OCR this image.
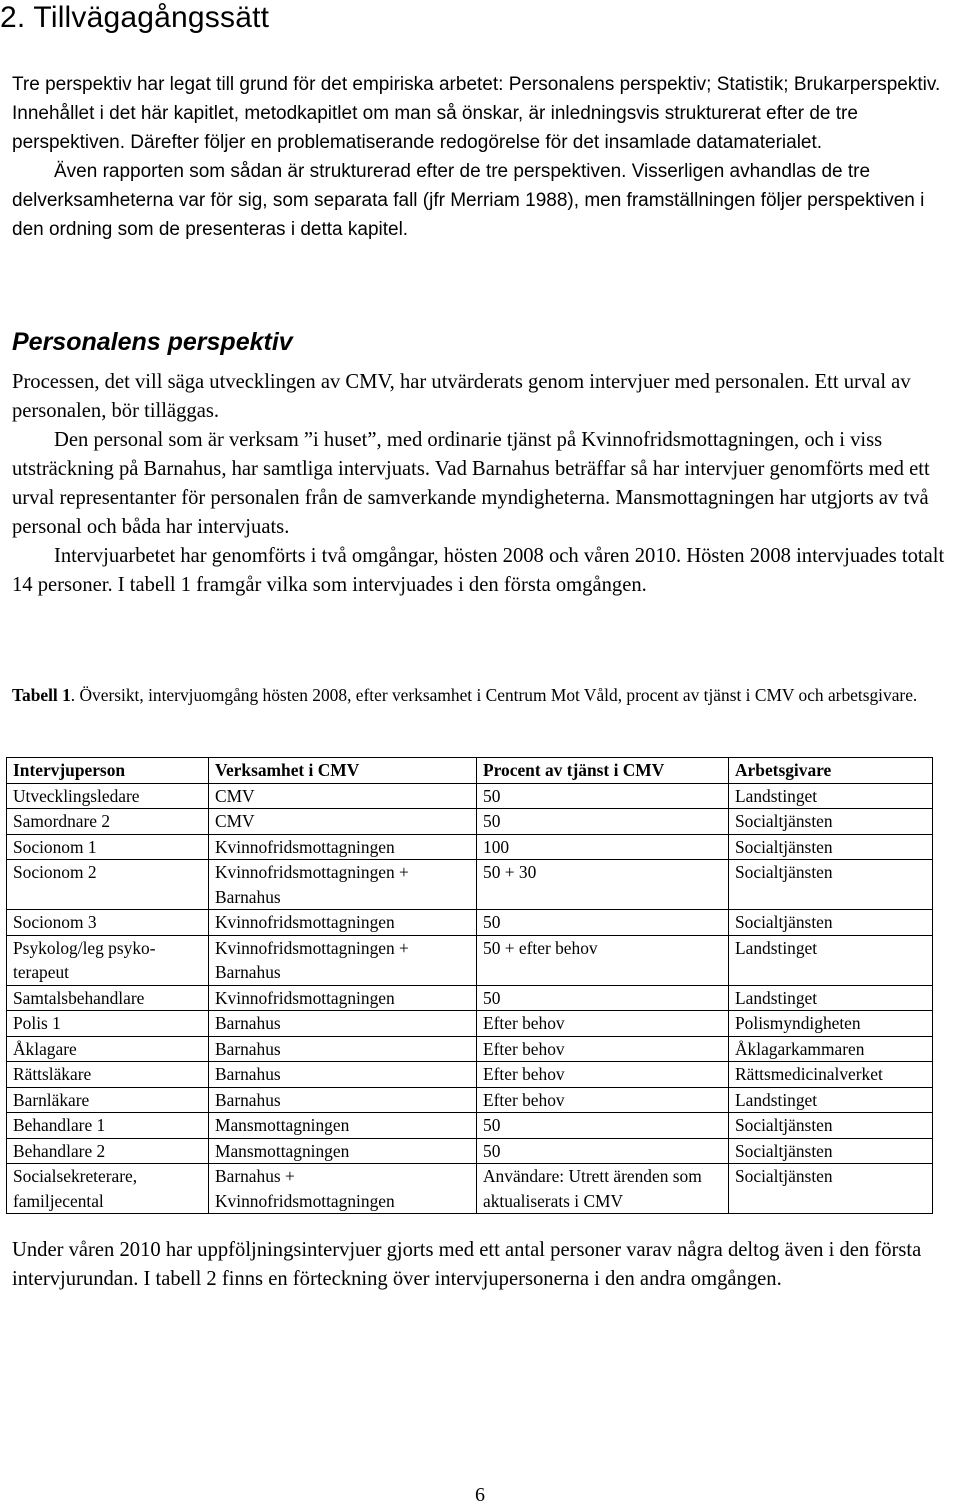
2. Tillvägagångssätt

Tre perspektiv har legat till grund för det empiriska arbetet: Personalens perspektiv; Statistik; Brukarperspektiv. Innehållet i det här kapitlet, metodkapitlet om man så önskar, är inledningsvis strukturerat efter de tre perspektiven. Därefter följer en problematiserande redogörelse för det insamlade datamaterialet.

Även rapporten som sådan är strukturerad efter de tre perspektiven. Visserligen avhandlas de tre delverksamheterna var för sig, som separata fall (jfr Merriam 1988), men framställningen följer perspektiven i den ordning som de presenteras i detta kapitel.

Personalens perspektiv

Processen, det vill säga utvecklingen av CMV, har utvärderats genom intervjuer med personalen. Ett urval av personalen, bör tilläggas.

Den personal som är verksam ”i huset”, med ordinarie tjänst på Kvinnofridsmottagningen, och i viss utsträckning på Barnahus, har samtliga intervjuats. Vad Barnahus beträffar så har intervjuer genomförts med ett urval representanter för personalen från de samverkande myndigheterna. Mansmottagningen har utgjorts av två personal och båda har intervjuats.

Intervjuarbetet har genomförts i två omgångar, hösten 2008 och våren 2010. Hösten 2008 intervjuades totalt 14 personer. I tabell 1 framgår vilka som intervjuades i den första omgången.

Tabell 1. Översikt, intervjuomgång hösten 2008, efter verksamhet i Centrum Mot Våld, procent av tjänst i CMV och arbetsgivare.

Intervjuperson	Verksamhet i CMV	Procent av tjänst i CMV	Arbetsgivare
Utvecklingsledare	CMV	50	Landstinget
Samordnare 2	CMV	50	Socialtjänsten
Socionom 1	Kvinnofridsmottagningen	100	Socialtjänsten
Socionom 2	Kvinnofridsmottagningen + Barnahus	50 + 30	Socialtjänsten
Socionom 3	Kvinnofridsmottagningen	50	Socialtjänsten
Psykolog/leg psyko-terapeut	Kvinnofridsmottagningen + Barnahus	50 + efter behov	Landstinget
Samtalsbehandlare	Kvinnofridsmottagningen	50	Landstinget
Polis 1	Barnahus	Efter behov	Polismyndigheten
Åklagare	Barnahus	Efter behov	Åklagarkammaren
Rättsläkare	Barnahus	Efter behov	Rättsmedicinalverket
Barnläkare	Barnahus	Efter behov	Landstinget
Behandlare 1	Mansmottagningen	50	Socialtjänsten
Behandlare 2	Mansmottagningen	50	Socialtjänsten
Socialsekreterare, familjecental	Barnahus + Kvinnofridsmottagningen	Användare: Utrett ärenden som aktualiserats i CMV	Socialtjänsten

Under våren 2010 har uppföljningsintervjuer gjorts med ett antal personer varav några deltog även i den första intervjurundan. I tabell 2 finns en förteckning över intervjupersonerna i den andra omgången.

6
